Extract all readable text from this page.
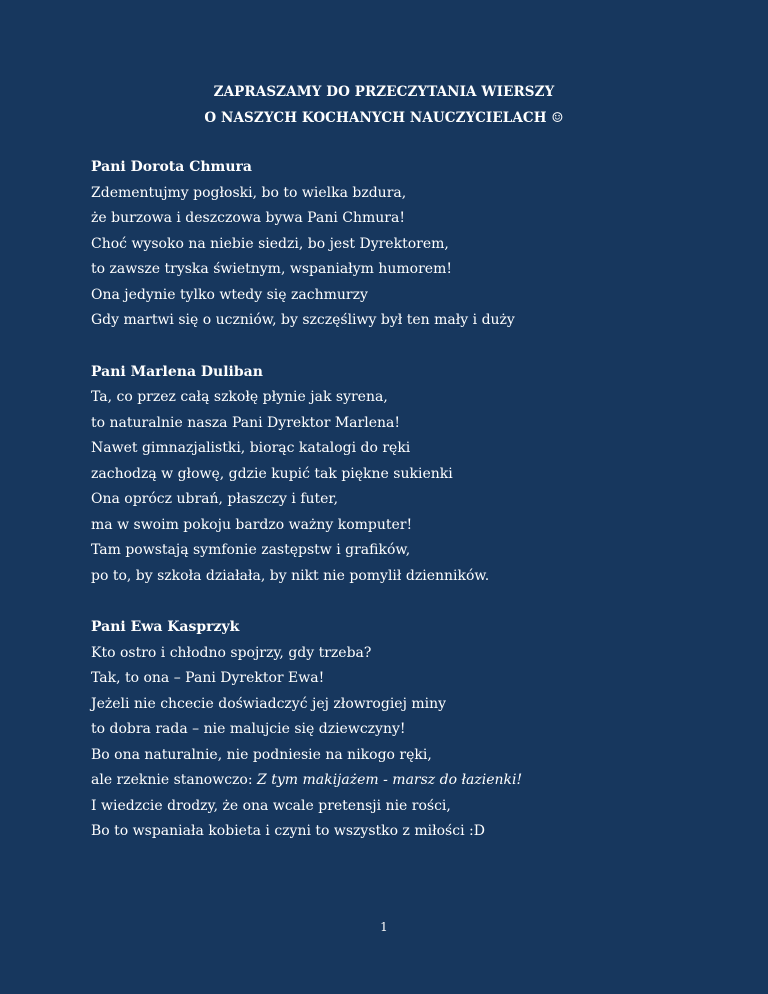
ZAPRASZAMY DO PRZECZYTANIA WIERSZY
O NASZYCH KOCHANYCH NAUCZYCIELACH ☺
Pani Dorota Chmura
Zdementujmy pogłoski, bo to wielka bzdura,
że burzowa i deszczowa bywa Pani Chmura!
Choć wysoko na niebie siedzi, bo jest Dyrektorem,
to zawsze tryska świetnym, wspaniałym humorem!
Ona jedynie tylko wtedy się zachmurzy
Gdy martwi się o uczniów, by szczęśliwy był ten mały i duży
Pani Marlena Duliban
Ta, co przez całą szkołę płynie jak syrena,
to naturalnie nasza Pani Dyrektor Marlena!
Nawet gimnazjalistki, biorąc katalogi do ręki
zachodzą w głowę, gdzie kupić tak piękne sukienki
Ona oprócz ubrań, płaszczy i futer,
ma w swoim pokoju bardzo ważny komputer!
Tam powstają symfonie zastępstw i grafików,
po to, by szkoła działała, by nikt nie pomylił dzienników.
Pani Ewa Kasprzyk
Kto ostro i chłodno spojrzy, gdy trzeba?
Tak, to ona – Pani Dyrektor Ewa!
Jeżeli nie chcecie doświadczyć jej złowrogiej miny
to dobra rada – nie malujcie się dziewczyny!
Bo ona naturalnie, nie podniesie na nikogo ręki,
ale rzeknie stanowczo: Z tym makijażem - marsz do łazienki!
I wiedzcie drodzy, że ona wcale pretensji nie rości,
Bo to wspaniała kobieta i czyni to wszystko z miłości :D
1
